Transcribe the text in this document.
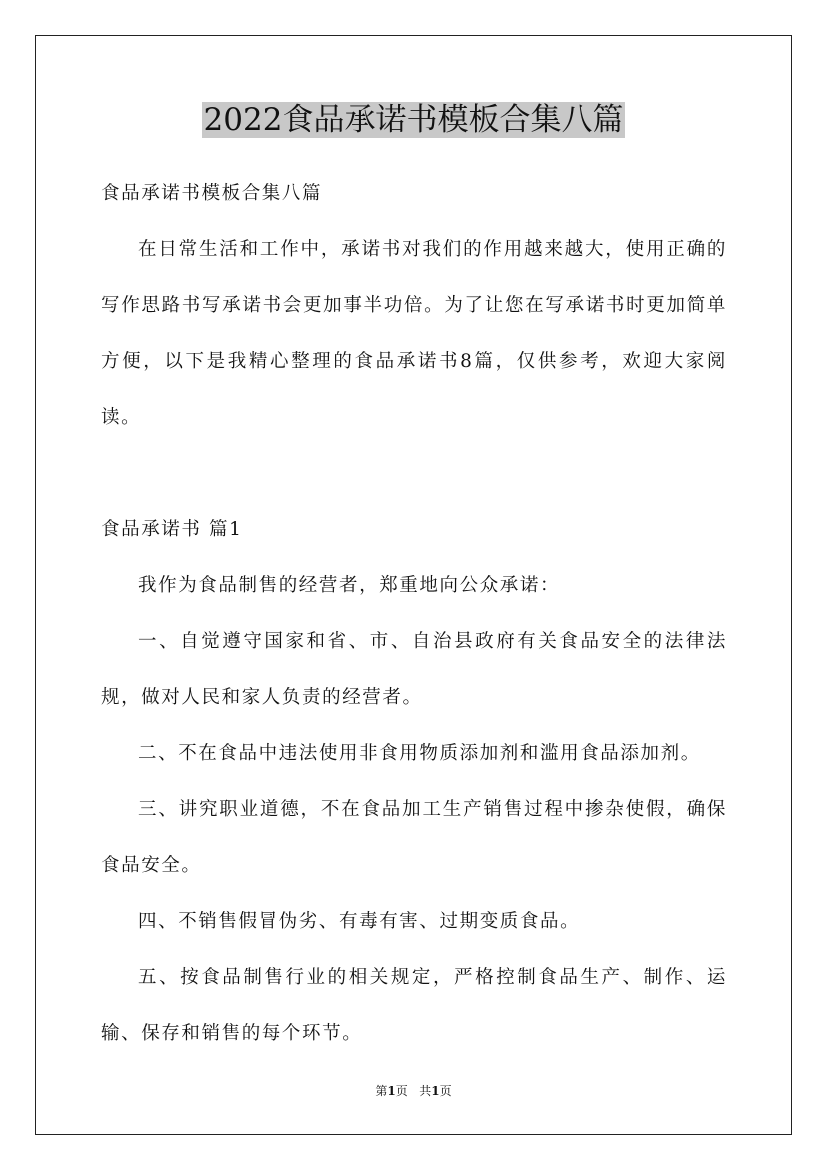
2022食品承诺书模板合集八篇

食品承诺书模板合集八篇

在日常生活和工作中，承诺书对我们的作用越来越大，使用正确的写作思路书写承诺书会更加事半功倍。为了让您在写承诺书时更加简单方便，以下是我精心整理的食品承诺书8篇，仅供参考，欢迎大家阅读。

食品承诺书 篇1

我作为食品制售的经营者，郑重地向公众承诺：

一、自觉遵守国家和省、市、自治县政府有关食品安全的法律法规，做对人民和家人负责的经营者。

二、不在食品中违法使用非食用物质添加剂和滥用食品添加剂。

三、讲究职业道德，不在食品加工生产销售过程中掺杂使假，确保食品安全。

四、不销售假冒伪劣、有毒有害、过期变质食品。

五、按食品制售行业的相关规定，严格控制食品生产、制作、运输、保存和销售的每个环节。

第1页 共1页
